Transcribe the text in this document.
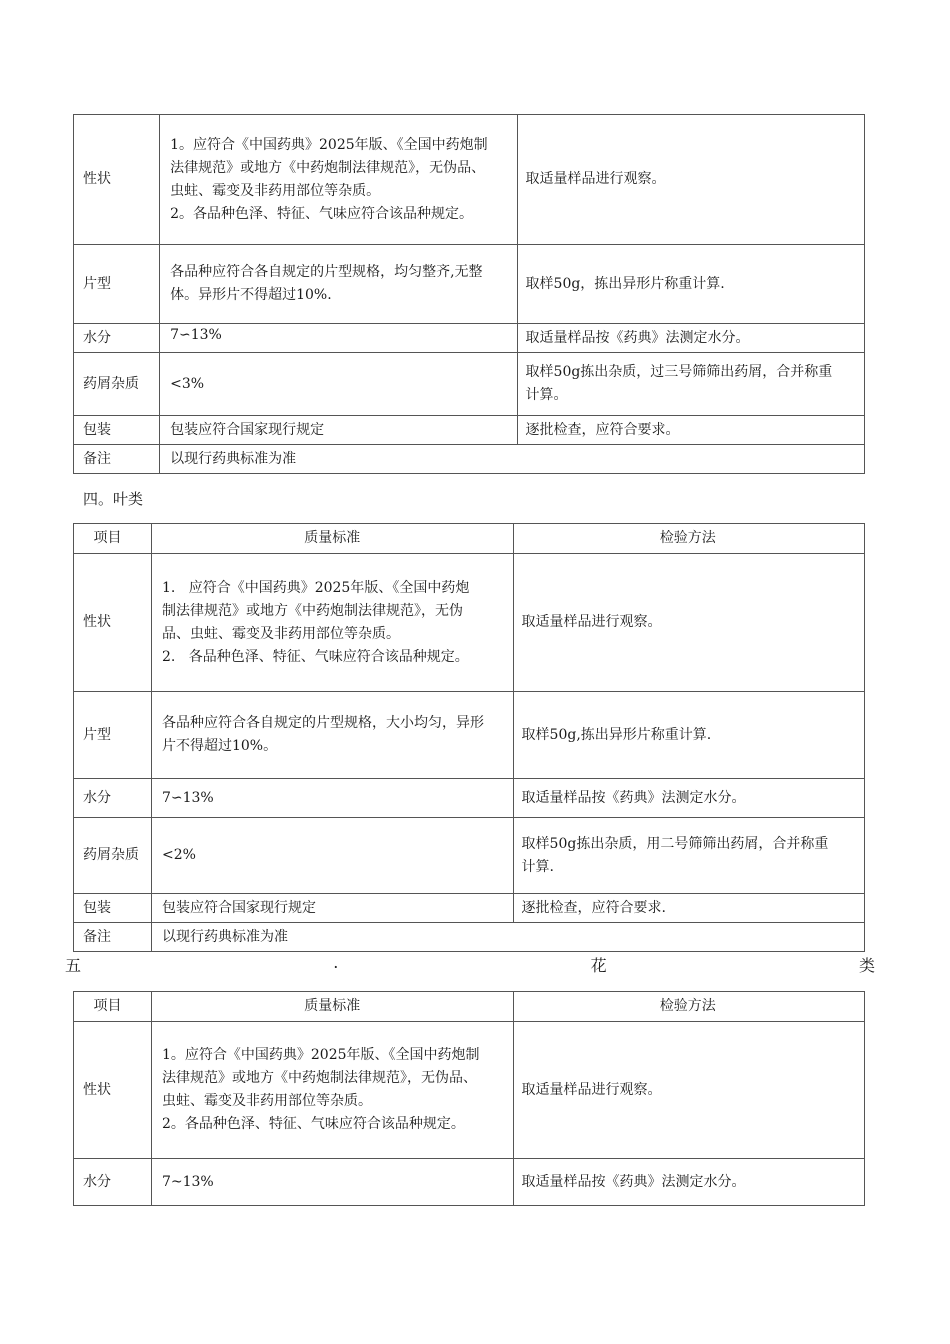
性状	1。应符合《中国药典》2025年版、《全国中药炮制
法律规范》或地方《中药炮制法律规范》，无伪品、
虫蛀、霉变及非药用部位等杂质。
2。各品种色泽、特征、气味应符合该品种规定。	取适量样品进行观察。
片型	各品种应符合各自规定的片型规格，均匀整齐,无整
体。异形片不得超过10%.	取样50g，拣出异形片称重计算.
水分	7∽13%	取适量样品按《药典》法测定水分。
药屑杂质	<3%	取样50g拣出杂质，过三号筛筛出药屑，合并称重
计算。

包装	包装应符合国家现行规定	逐批检查，应符合要求。
备注	以现行药典标准为准	
四。叶类
项目	质量标准	检验方法
性状	1.   应符合《中国药典》2025年版、《全国中药炮
制法律规范》或地方《中药炮制法律规范》，无伪
品、虫蛀、霉变及非药用部位等杂质。
2.   各品种色泽、特征、气味应符合该品种规定。	取适量样品进行观察。
片型	各品种应符合各自规定的片型规格，大小均匀，异形
片不得超过10%。	取样50g,拣出异形片称重计算.
水分	7∽13%	取适量样品按《药典》法测定水分。
药屑杂质	<2%	取样50g拣出杂质，用二号筛筛出药屑，合并称重
计算.

包装	包装应符合国家现行规定	逐批检查，应符合要求.
备注	以现行药典标准为准	
五	.	花	类
项目	质量标准	检验方法
性状	1。应符合《中国药典》2025年版、《全国中药炮制
法律规范》或地方《中药炮制法律规范》，无伪品、
虫蛀、霉变及非药用部位等杂质。
2。各品种色泽、特征、气味应符合该品种规定。	取适量样品进行观察。
水分	7~13%	取适量样品按《药典》法测定水分。
